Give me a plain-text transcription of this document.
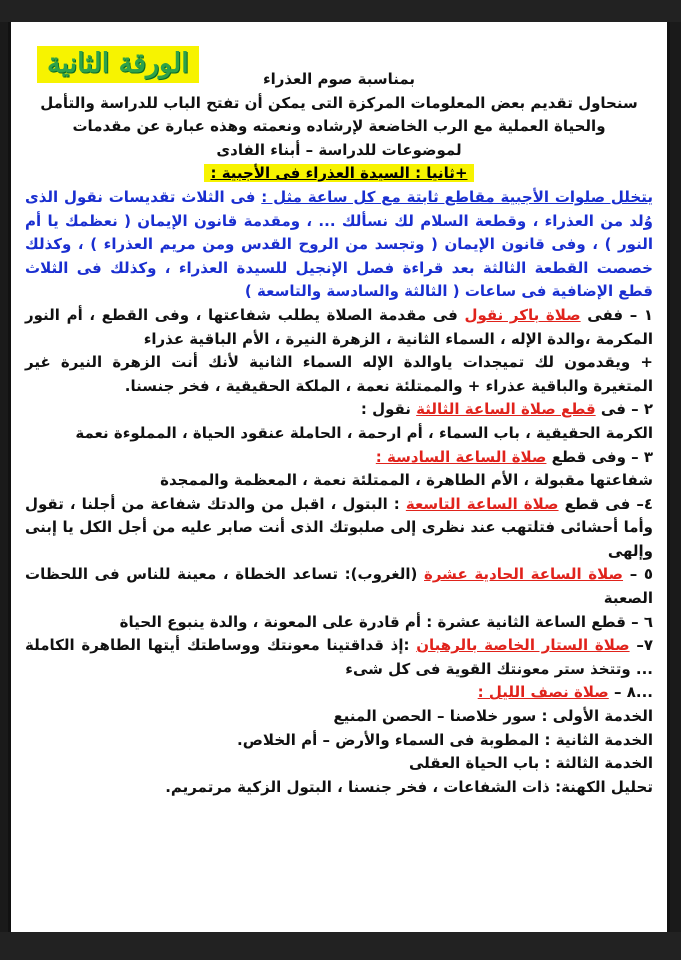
الورقة الثانية	بمناسبة صوم العذراء

سنحاول تقديم بعض المعلومات المركزة التى يمكن أن تفتح الباب للدراسة والتأمل

والحياة العملية مع الرب الخاضعة لإرشاده ونعمته وهذه عبارة عن مقدمات

لموضوعات للدراسة – أبناء الفادى

+ثانيا : السيدة العذراء فى الأجبية :

يتخلل صلوات الأجبية مقاطع ثابتة مع كل ساعة مثل : فى الثلاث تقديسات نقول الذى وُلد من العذراء ، وقطعة السلام لك نسألك ... ، ومقدمة قانون الإيمان ( نعظمك يا أم النور ) ، وفى قانون الإيمان ( وتجسد من الروح القدس ومن مريم العذراء ) ، وكذلك خصصت القطعة الثالثة بعد قراءة فصل الإنجيل للسيدة العذراء ، وكذلك فى الثلاث قطع الإضافية فى ساعات ( الثالثة والسادسة والتاسعة )

١ – ففى صلاة باكر نقول فى مقدمة الصلاة يطلب شفاعتها ، وفى القطع ، أم النور المكرمة ،والدة الإله ، السماء الثانية ، الزهرة النيرة ، الأم الباقية عذراء

+ ويقدمون لك تميجدات ياوالدة الإله السماء الثانية لأنك أنت الزهرة النيرة غير المتغيرة والباقية عذراء + والممتلئة نعمة ، الملكة الحقيقية ، فخر جنسنا.

٢ – فى قطع صلاة الساعة الثالثة نقول :

الكرمة الحقيقية ، باب السماء ، أم ارحمة ، الحاملة عنقود الحياة ، المملوءة نعمة

٣ – وفى قطع صلاة الساعة السادسة :

شفاعتها مقبولة ، الأم الطاهرة ، الممتلئة نعمة ، المعظمة والممجدة

٤– فى قطع صلاة الساعة التاسعة : البتول ، اقبل من والدتك شفاعة من أجلنا ، تقول وأما أحشائى فتلتهب عند نظرى إلى صلبوتك الذى أنت صابر عليه من أجل الكل يا إبنى وإلهى

٥ – صلاة الساعة الحادية عشرة (الغروب): تساعد الخطاة ، معينة للناس فى اللحظات الصعبة

٦ – قطع الساعة الثانية عشرة : أم قادرة على المعونة ، والدة ينبوع الحياة

٧– صلاة الستار الخاصة بالرهبان :إذ قداقتينا معونتك ووساطتك أيتها الطاهرة الكاملة ... وتتخذ ستر معونتك القوية فى كل شىء

...٨ – صلاة نصف الليل :

الخدمة الأولى : سور خلاصنا – الحصن المنيع

الخدمة الثانية : المطوبة فى السماء والأرض – أم الخلاص.

الخدمة الثالثة : باب الحياة العقلى

تحليل الكهنة: ذات الشفاعات ، فخر جنسنا ، البتول الزكية مرتمريم.
